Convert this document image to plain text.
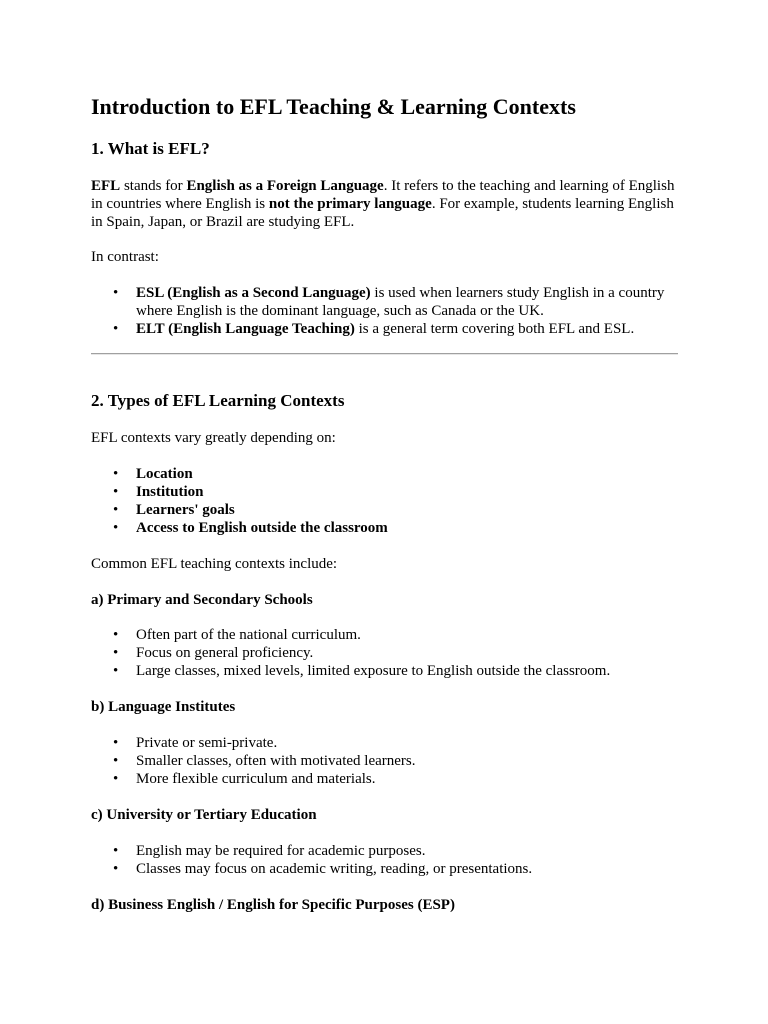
Introduction to EFL Teaching & Learning Contexts
1. What is EFL?

EFL stands for English as a Foreign Language. It refers to the teaching and learning of English in countries where English is not the primary language. For example, students learning English in Spain, Japan, or Brazil are studying EFL.

In contrast:

• ESL (English as a Second Language) is used when learners study English in a country where English is the dominant language, such as Canada or the UK.
• ELT (English Language Teaching) is a general term covering both EFL and ESL.
2. Types of EFL Learning Contexts

EFL contexts vary greatly depending on:

• Location
• Institution
• Learners' goals
• Access to English outside the classroom

Common EFL teaching contexts include:

a) Primary and Secondary Schools
• Often part of the national curriculum.
• Focus on general proficiency.
• Large classes, mixed levels, limited exposure to English outside the classroom.
b) Language Institutes
• Private or semi-private.
• Smaller classes, often with motivated learners.
• More flexible curriculum and materials.
c) University or Tertiary Education
• English may be required for academic purposes.
• Classes may focus on academic writing, reading, or presentations.
d) Business English / English for Specific Purposes (ESP)
